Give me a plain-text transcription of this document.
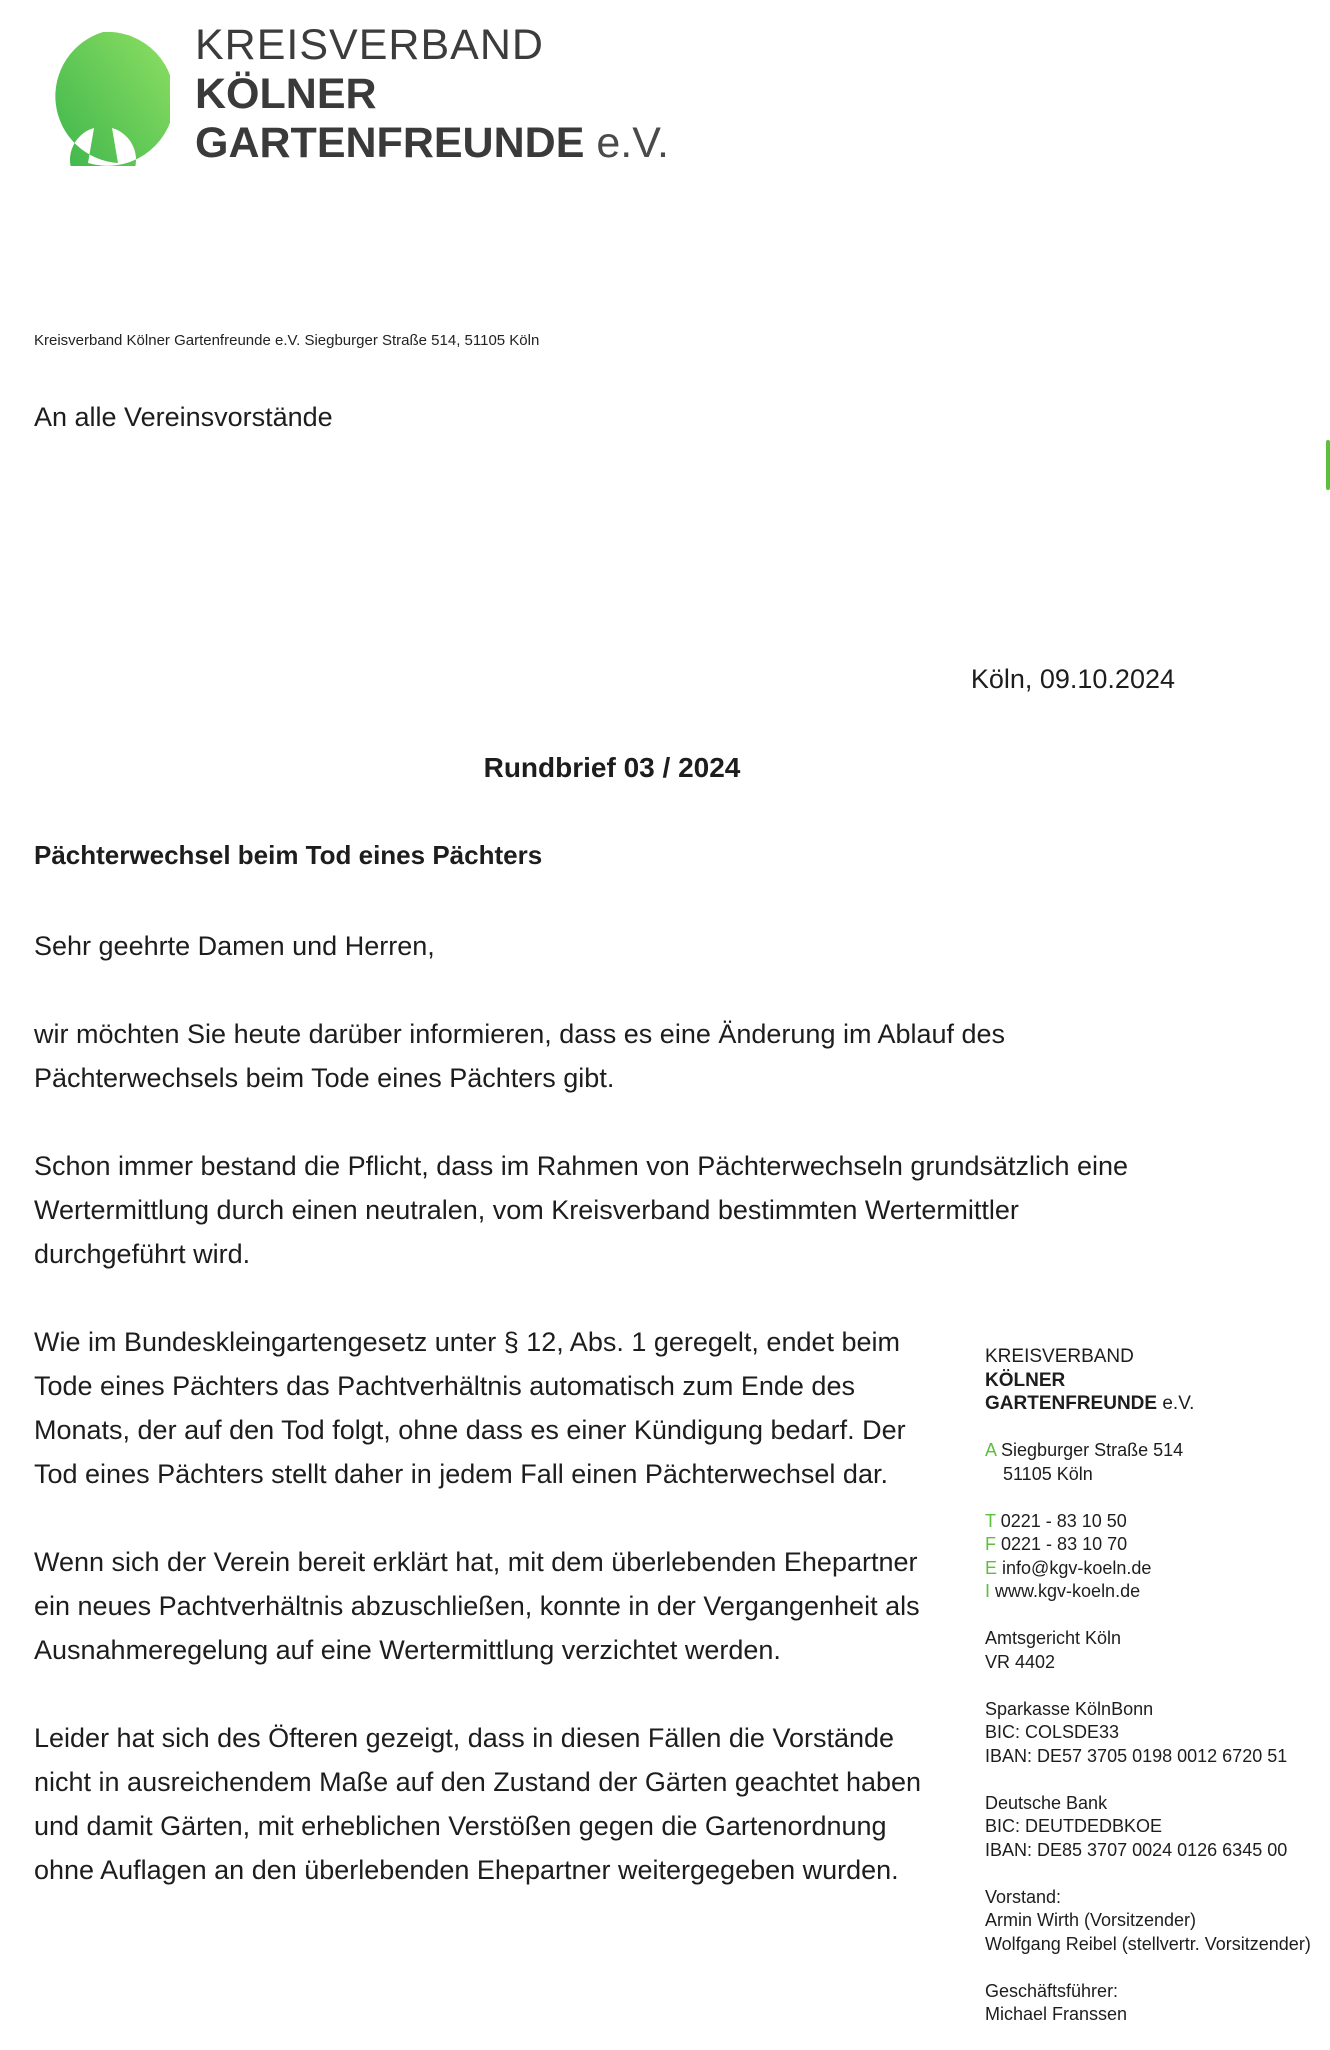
KREISVERBAND
KÖLNER
GARTENFREUNDE e.V.
Kreisverband Kölner Gartenfreunde e.V. Siegburger Straße 514, 51105 Köln
An alle Vereinsvorstände
Köln, 09.10.2024
Rundbrief 03 / 2024
Pächterwechsel beim Tod eines Pächters

Sehr geehrte Damen und Herren,

wir möchten Sie heute darüber informieren, dass es eine Änderung im Ablauf des Pächterwechsels beim Tode eines Pächters gibt.

Schon immer bestand die Pflicht, dass im Rahmen von Pächterwechseln grundsätzlich eine Wertermittlung durch einen neutralen, vom Kreisverband bestimmten Wertermittler durchgeführt wird.

Wie im Bundeskleingartengesetz unter § 12, Abs. 1 geregelt, endet beim Tode eines Pächters das Pachtverhältnis automatisch zum Ende des Monats, der auf den Tod folgt, ohne dass es einer Kündigung bedarf. Der Tod eines Pächters stellt daher in jedem Fall einen Pächterwechsel dar.

Wenn sich der Verein bereit erklärt hat, mit dem überlebenden Ehepartner ein neues Pachtverhältnis abzuschließen, konnte in der Vergangenheit als Ausnahmeregelung auf eine Wertermittlung verzichtet werden.

Leider hat sich des Öfteren gezeigt, dass in diesen Fällen die Vorstände nicht in ausreichendem Maße auf den Zustand der Gärten geachtet haben und damit Gärten, mit erheblichen Verstößen gegen die Gartenordnung ohne Auflagen an den überlebenden Ehepartner weitergegeben wurden.

KREISVERBAND
KÖLNER
GARTENFREUNDE e.V.
A Siegburger Straße 514
51105 Köln
T 0221 - 83 10 50
F 0221 - 83 10 70
E info@kgv-koeln.de
I www.kgv-koeln.de
Amtsgericht Köln
VR 4402
Sparkasse KölnBonn
BIC: COLSDE33
IBAN: DE57 3705 0198 0012 6720 51
Deutsche Bank
BIC: DEUTDEDBKOE
IBAN: DE85 3707 0024 0126 6345 00
Vorstand:
Armin Wirth (Vorsitzender)
Wolfgang Reibel (stellvertr. Vorsitzender)
Geschäftsführer:
Michael Franssen
